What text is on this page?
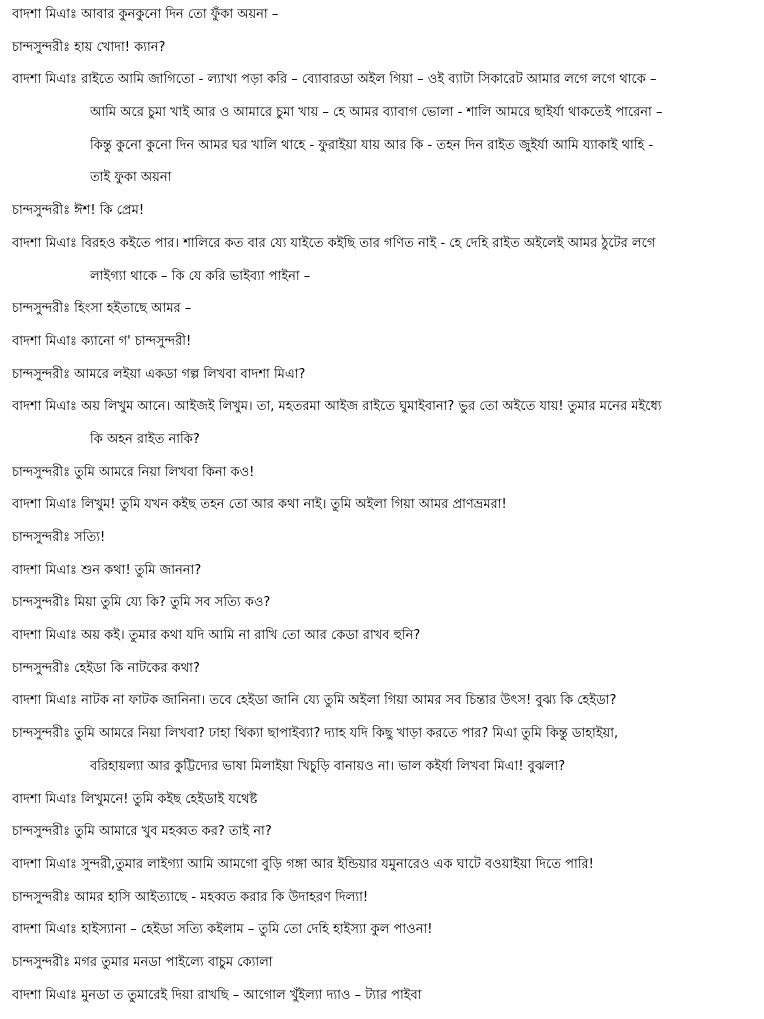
বাদশা মিএাঃ আবার কুনকুনো দিন তো ফুঁকা অয়না –
চান্দসুন্দরীঃ হায় খোদা! ক্যান?
বাদশা মিএাঃ রাইতে আমি জাগিতো - ল্যাখা পড়া করি – ব্যোবারডা অইল গিয়া – ওই ব্যাটা সিকারেট আমার লগে লগে থাকে –
আমি অরে চুমা খাই আর ও আমারে চুমা খায় – হে আমর ব্যাবাগ ভোলা - শালি আমরে ছাইর্যা থাকতেই পারেনা –
কিন্তু কুনো কুনো দিন আমর ঘর খালি থাহে - ফুরাইয়া যায় আর কি - তহন দিন রাইত জুইর্যা আমি য্যাকাই থাহি -
তাই ফুকা অয়না
চান্দসুন্দরীঃ ঈশ! কি প্রেম!
বাদশা মিএাঃ বিরহও কইতে পার। শালিরে কত বার য্যে যাইতে কইছি তার গণিত নাই - হে দেহি রাইত অইলেই আমর ঠুটের লগে
লাইগ্যা থাকে – কি যে করি ভাইব্যা পাইনা –
চান্দসুন্দরীঃ হিংসা হইতাছে আমর –
বাদশা মিএাঃ ক্যানো গ' চান্দসুন্দরী!
চান্দসুন্দরীঃ আমরে লইয়া একডা গল্প লিখবা বাদশা মিএা?
বাদশা মিএাঃ অয় লিখুম আনে। আইজই লিখুম। তা, মহতরমা আইজ রাইতে ঘুমাইবানা? ভুর তো অইতে যায়! তুমার মনের মইধ্যে
কি অহন রাইত নাকি?
চান্দসুন্দরীঃ তুমি আমরে নিয়া লিখবা কিনা কও!
বাদশা মিএাঃ লিখুম! তুমি যখন কইছ তহন তো আর কথা নাই। তুমি অইলা গিয়া আমর প্রাণভ্রমরা!
চান্দসুন্দরীঃ সত্যি!
বাদশা মিএাঃ শুন কথা! তুমি জাননা?
চান্দসুন্দরীঃ মিয়া তুমি য্যে কি? তুমি সব সত্যি কও?
বাদশা মিএাঃ অয় কই। তুমার কথা যদি আমি না রাখি তো আর কেডা রাখব হুনি?
চান্দসুন্দরীঃ হেইডা কি নাটকের কথা?
বাদশা মিএাঃ নাটক না ফাটক জানিনা। তবে হেইডা জানি য্যে তুমি অইলা গিয়া আমর সব চিন্তার উৎস! বুঝ্য কি হেইডা?
চান্দসুন্দরীঃ তুমি আমরে নিয়া লিখবা? ঢাহা থিক্যা ছাপাইব্যা? দ্যাহ যদি কিছু খাড়া করতে পার? মিএা তুমি কিন্তু ডাহাইয়া,
বরিহায়ল্যা আর কুট্টিদ্যের ভাষা মিলাইয়া খিচুড়ি বানায়ও না। ভাল কইর্যা লিখবা মিএা! বুঝলা?
বাদশা মিএাঃ লিখুমনে! তুমি কইছ হেইডাই যথেষ্ট
চান্দসুন্দরীঃ তুমি আমারে খুব মহব্বত কর? তাই না?
বাদশা মিএাঃ সুন্দরী,তুমার লাইগ্যা আমি আমগো বুড়ি গঙ্গা আর ইন্ডিয়ার যমুনারেও এক ঘাটে বওয়াইয়া দিতে পারি!
চান্দসুন্দরীঃ আমর হাসি আইত্যাছে - মহব্বত করার কি উদাহরণ দিল্যা!
বাদশা মিএাঃ হাইস্যানা – হেইডা সত্যি কইলাম – তুমি তো দেহি হাইস্যা কুল পাওনা!
চান্দসুন্দরীঃ মগর তুমার মনডা পাইল্যে বাচুম ক্যোলা
বাদশা মিএাঃ মুনডা ত তুমারেই দিয়া রাখছি – আগোল খুঁইল্যা দ্যাও – ট্যার পাইবা
